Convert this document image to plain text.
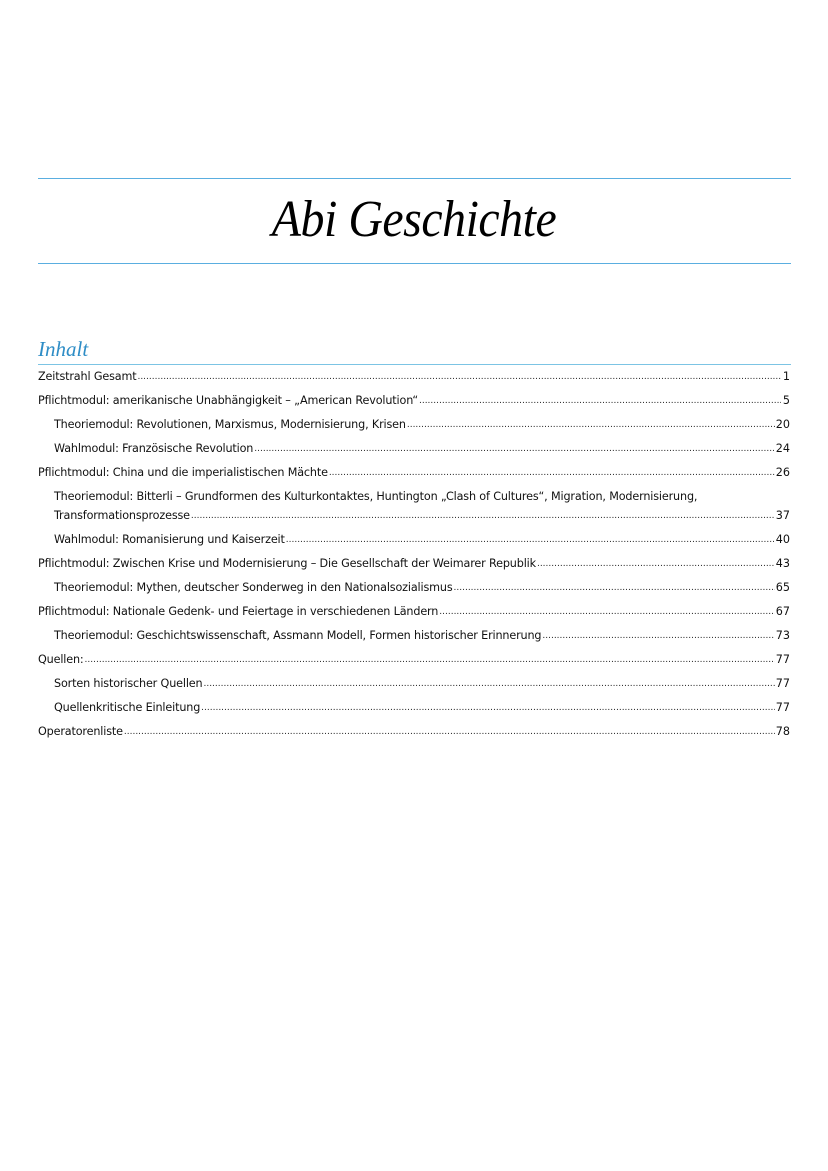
Abi Geschichte
Inhalt
Zeitstrahl Gesamt .....	1
Pflichtmodul: amerikanische Unabhängigkeit – „American Revolution“ .....	5
Theoriemodul: Revolutionen, Marxismus, Modernisierung, Krisen .....	20
Wahlmodul: Französische Revolution .....	24
Pflichtmodul: China und die imperialistischen Mächte .....	26
Theoriemodul: Bitterli – Grundformen des Kulturkontaktes, Huntington „Clash of Cultures“, Migration, Modernisierung,
Transformationsprozesse .....	37
Wahlmodul: Romanisierung und Kaiserzeit .....	40
Pflichtmodul: Zwischen Krise und Modernisierung – Die Gesellschaft der Weimarer Republik .....	43
Theoriemodul: Mythen, deutscher Sonderweg in den Nationalsozialismus .....	65
Pflichtmodul: Nationale Gedenk- und Feiertage in verschiedenen Ländern .....	67
Theoriemodul: Geschichtswissenschaft, Assmann Modell, Formen historischer Erinnerung .....	73
Quellen: .....	77
Sorten historischer Quellen .....	77
Quellenkritische Einleitung .....	77
Operatorenliste .....	78
